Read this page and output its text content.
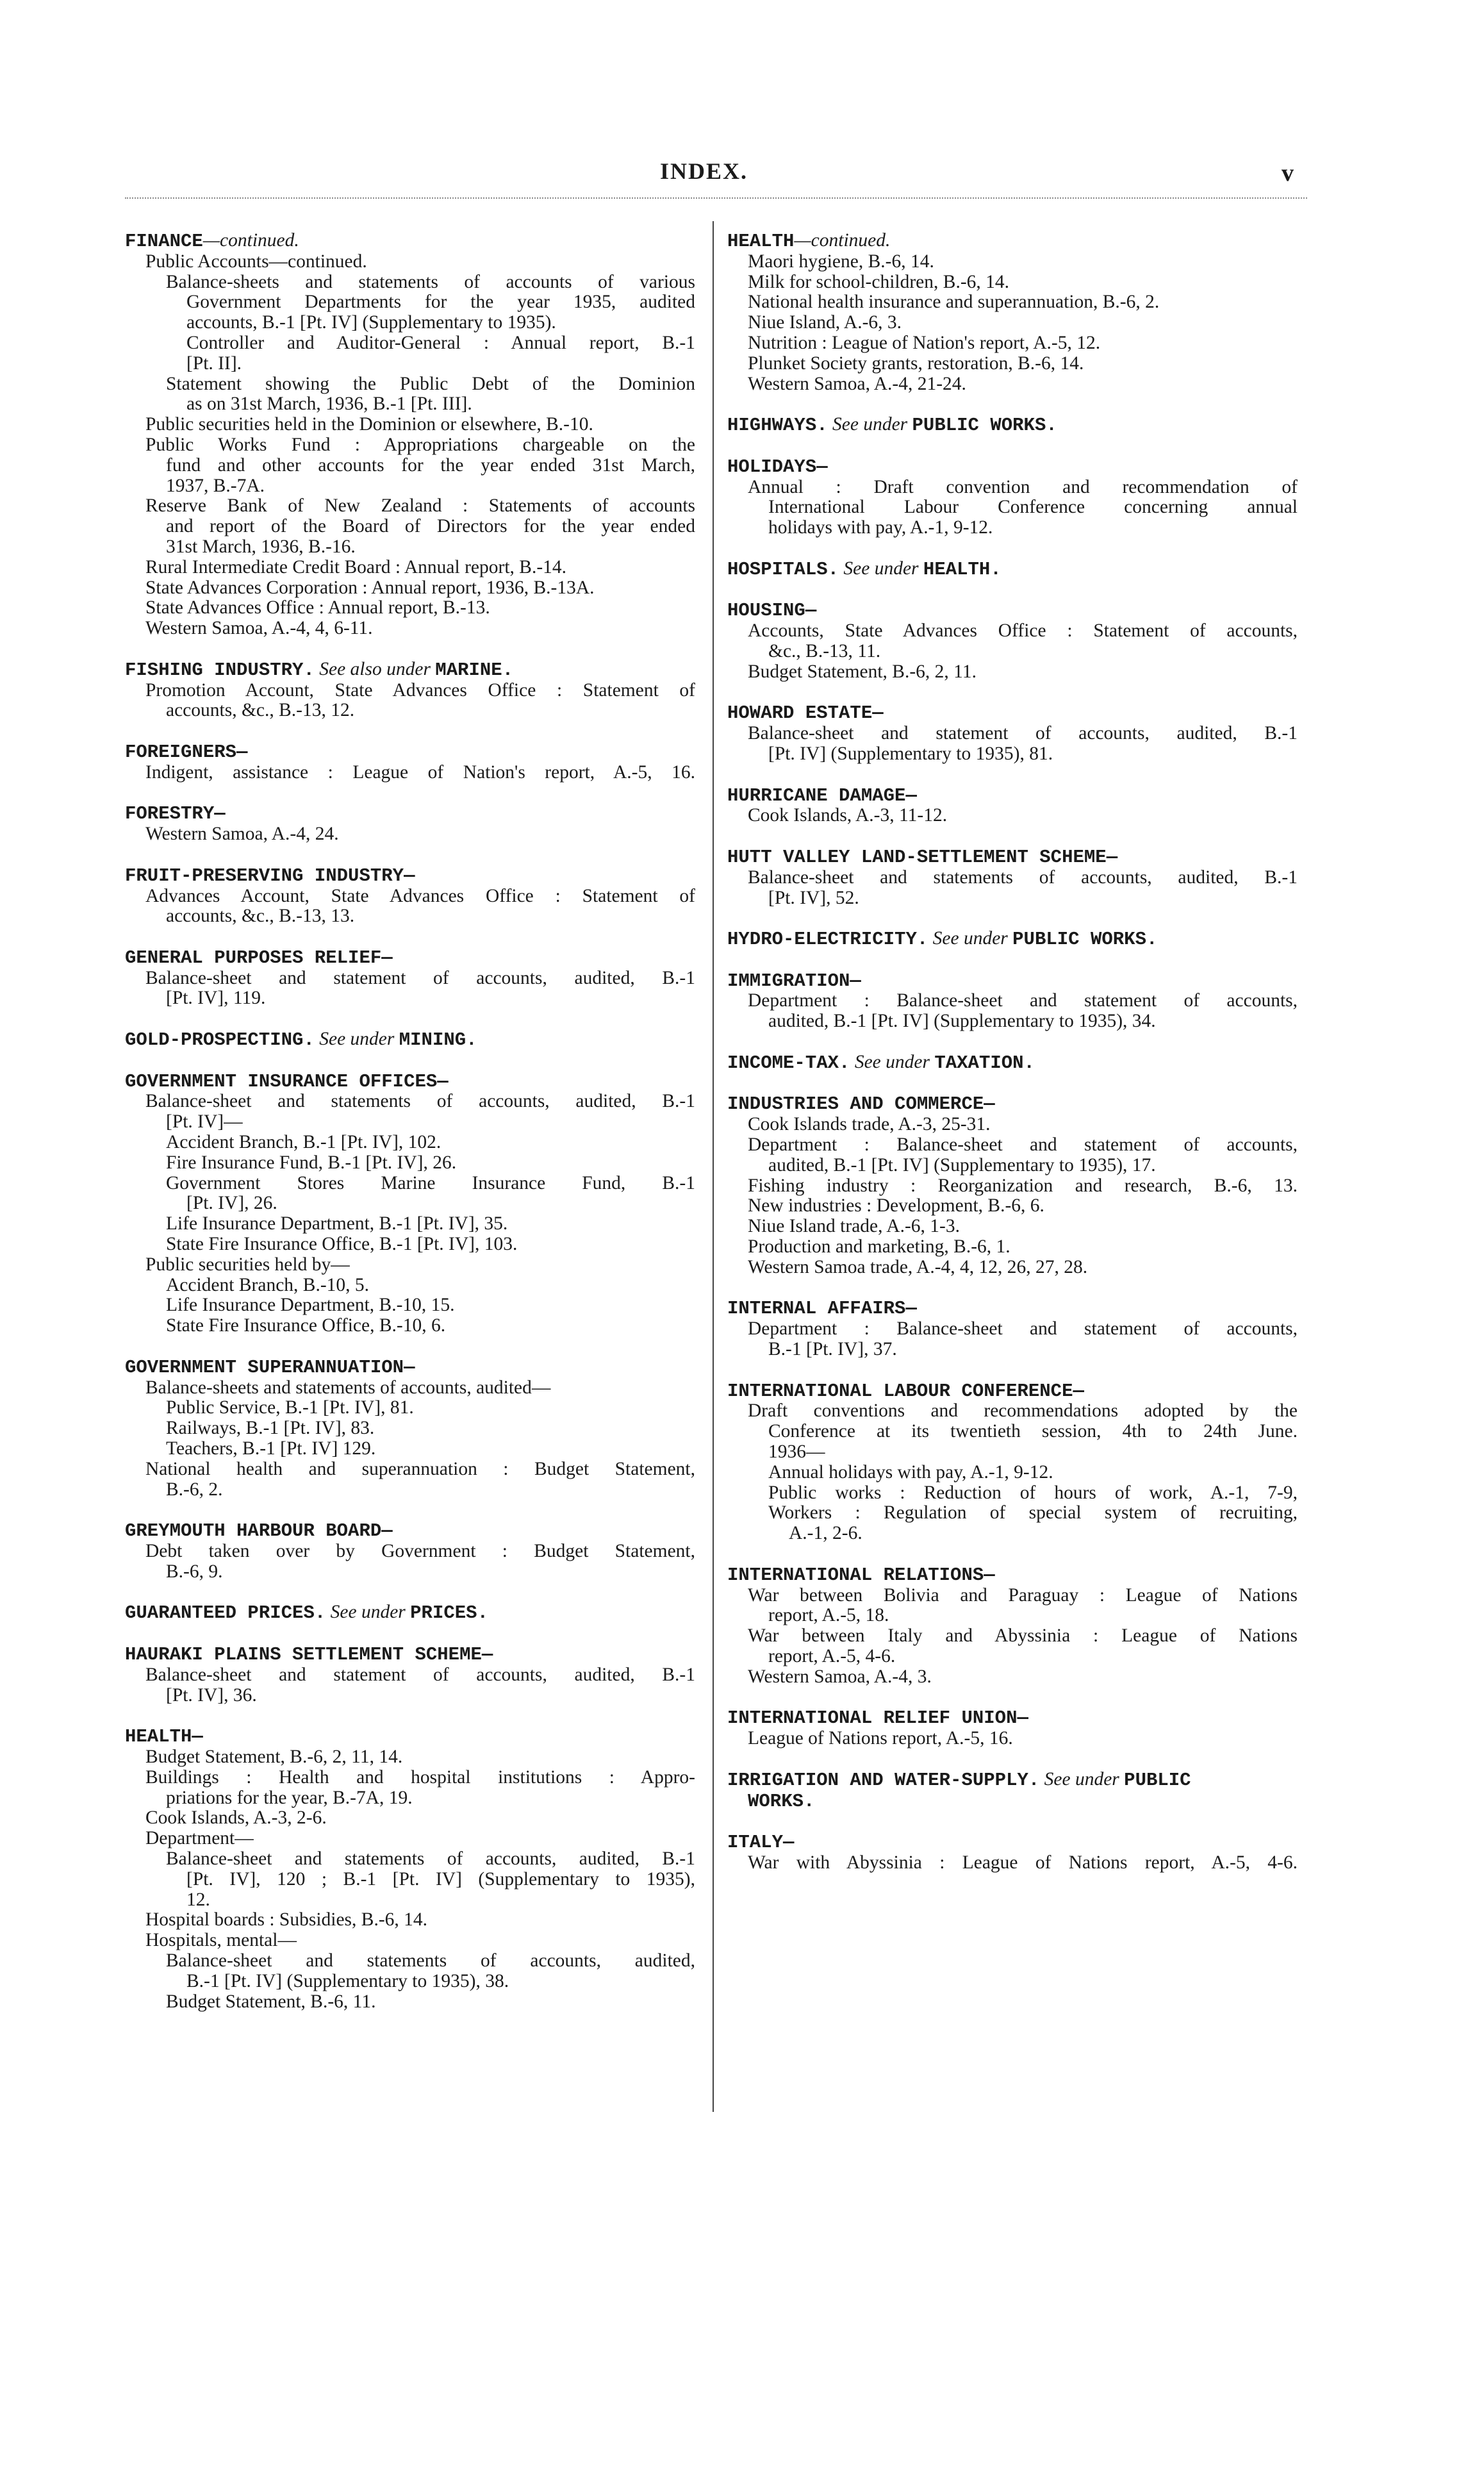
INDEX.	v
FINANCE—continued.
Public Accounts—continued.
Balance-sheets and statements of accounts of various
Government Departments for the year 1935, audited
accounts, B.-1 [Pt. IV] (Supplementary to 1935).
Controller and Auditor-General : Annual report, B.-1
[Pt. II].
Statement showing the Public Debt of the Dominion
as on 31st March, 1936, B.-1 [Pt. III].
Public securities held in the Dominion or elsewhere, B.-10.
Public Works Fund : Appropriations chargeable on the
fund and other accounts for the year ended 31st March,
1937, B.-7A.
Reserve Bank of New Zealand : Statements of accounts
and report of the Board of Directors for the year ended
31st March, 1936, B.-16.
Rural Intermediate Credit Board : Annual report, B.-14.
State Advances Corporation : Annual report, 1936, B.-13A.
State Advances Office : Annual report, B.-13.
Western Samoa, A.-4, 4, 6-11.
FISHING INDUSTRY. See also under MARINE.
Promotion Account, State Advances Office : Statement of
accounts, &c., B.-13, 12.
FOREIGNERS—
Indigent, assistance : League of Nation's report, A.-5, 16.
FORESTRY—
Western Samoa, A.-4, 24.
FRUIT-PRESERVING INDUSTRY—
Advances Account, State Advances Office : Statement of
accounts, &c., B.-13, 13.
GENERAL PURPOSES RELIEF—
Balance-sheet and statement of accounts, audited, B.-1
[Pt. IV], 119.
GOLD-PROSPECTING. See under MINING.
GOVERNMENT INSURANCE OFFICES—
Balance-sheet and statements of accounts, audited, B.-1
[Pt. IV]—
Accident Branch, B.-1 [Pt. IV], 102.
Fire Insurance Fund, B.-1 [Pt. IV], 26.
Government Stores Marine Insurance Fund, B.-1
[Pt. IV], 26.
Life Insurance Department, B.-1 [Pt. IV], 35.
State Fire Insurance Office, B.-1 [Pt. IV], 103.
Public securities held by—
Accident Branch, B.-10, 5.
Life Insurance Department, B.-10, 15.
State Fire Insurance Office, B.-10, 6.
GOVERNMENT SUPERANNUATION—
Balance-sheets and statements of accounts, audited—
Public Service, B.-1 [Pt. IV], 81.
Railways, B.-1 [Pt. IV], 83.
Teachers, B.-1 [Pt. IV] 129.
National health and superannuation : Budget Statement,
B.-6, 2.
GREYMOUTH HARBOUR BOARD—
Debt taken over by Government : Budget Statement,
B.-6, 9.
GUARANTEED PRICES. See under PRICES.
HAURAKI PLAINS SETTLEMENT SCHEME—
Balance-sheet and statement of accounts, audited, B.-1
[Pt. IV], 36.
HEALTH—
Budget Statement, B.-6, 2, 11, 14.
Buildings : Health and hospital institutions : Appro-
priations for the year, B.-7A, 19.
Cook Islands, A.-3, 2-6.
Department—
Balance-sheet and statements of accounts, audited, B.-1
[Pt. IV], 120 ; B.-1 [Pt. IV] (Supplementary to 1935),
12.
Hospital boards : Subsidies, B.-6, 14.
Hospitals, mental—
Balance-sheet and statements of accounts, audited,
B.-1 [Pt. IV] (Supplementary to 1935), 38.
Budget Statement, B.-6, 11.
HEALTH—continued.
Maori hygiene, B.-6, 14.
Milk for school-children, B.-6, 14.
National health insurance and superannuation, B.-6, 2.
Niue Island, A.-6, 3.
Nutrition : League of Nation's report, A.-5, 12.
Plunket Society grants, restoration, B.-6, 14.
Western Samoa, A.-4, 21-24.
HIGHWAYS. See under PUBLIC WORKS.
HOLIDAYS—
Annual : Draft convention and recommendation of
International Labour Conference concerning annual
holidays with pay, A.-1, 9-12.
HOSPITALS. See under HEALTH.
HOUSING—
Accounts, State Advances Office : Statement of accounts,
&c., B.-13, 11.
Budget Statement, B.-6, 2, 11.
HOWARD ESTATE—
Balance-sheet and statement of accounts, audited, B.-1
[Pt. IV] (Supplementary to 1935), 81.
HURRICANE DAMAGE—
Cook Islands, A.-3, 11-12.
HUTT VALLEY LAND-SETTLEMENT SCHEME—
Balance-sheet and statements of accounts, audited, B.-1
[Pt. IV], 52.
HYDRO-ELECTRICITY. See under PUBLIC WORKS.
IMMIGRATION—
Department : Balance-sheet and statement of accounts,
audited, B.-1 [Pt. IV] (Supplementary to 1935), 34.
INCOME-TAX. See under TAXATION.
INDUSTRIES AND COMMERCE—
Cook Islands trade, A.-3, 25-31.
Department : Balance-sheet and statement of accounts,
audited, B.-1 [Pt. IV] (Supplementary to 1935), 17.
Fishing industry : Reorganization and research, B.-6, 13.
New industries : Development, B.-6, 6.
Niue Island trade, A.-6, 1-3.
Production and marketing, B.-6, 1.
Western Samoa trade, A.-4, 4, 12, 26, 27, 28.
INTERNAL AFFAIRS—
Department : Balance-sheet and statement of accounts,
B.-1 [Pt. IV], 37.
INTERNATIONAL LABOUR CONFERENCE—
Draft conventions and recommendations adopted by the
Conference at its twentieth session, 4th to 24th June.
1936—
Annual holidays with pay, A.-1, 9-12.
Public works : Reduction of hours of work, A.-1, 7-9,
Workers : Regulation of special system of recruiting,
A.-1, 2-6.
INTERNATIONAL RELATIONS—
War between Bolivia and Paraguay : League of Nations
report, A.-5, 18.
War between Italy and Abyssinia : League of Nations
report, A.-5, 4-6.
Western Samoa, A.-4, 3.
INTERNATIONAL RELIEF UNION—
League of Nations report, A.-5, 16.
IRRIGATION AND WATER-SUPPLY. See under PUBLIC
WORKS.
ITALY—
War with Abyssinia : League of Nations report, A.-5, 4-6.
